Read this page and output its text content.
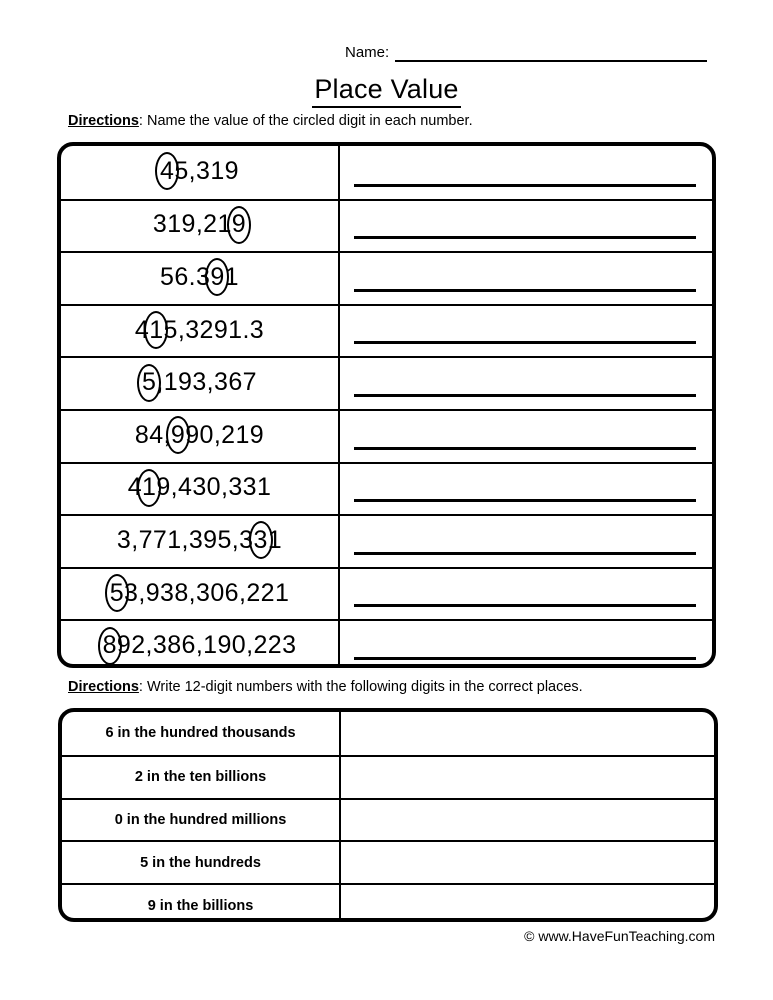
Name:
Place Value
Directions: Name the value of the circled digit in each number.
45,319
319,219
56.391
415,3291.3
5,193,367
84,990,219
419,430,331
3,771,395,331
53,938,306,221
892,386,190,223
Directions: Write 12-digit numbers with the following digits in the correct places.
6 in the hundred thousands
2 in the ten billions
0 in the hundred millions
5 in the hundreds
9 in the billions
© www.HaveFunTeaching.com
